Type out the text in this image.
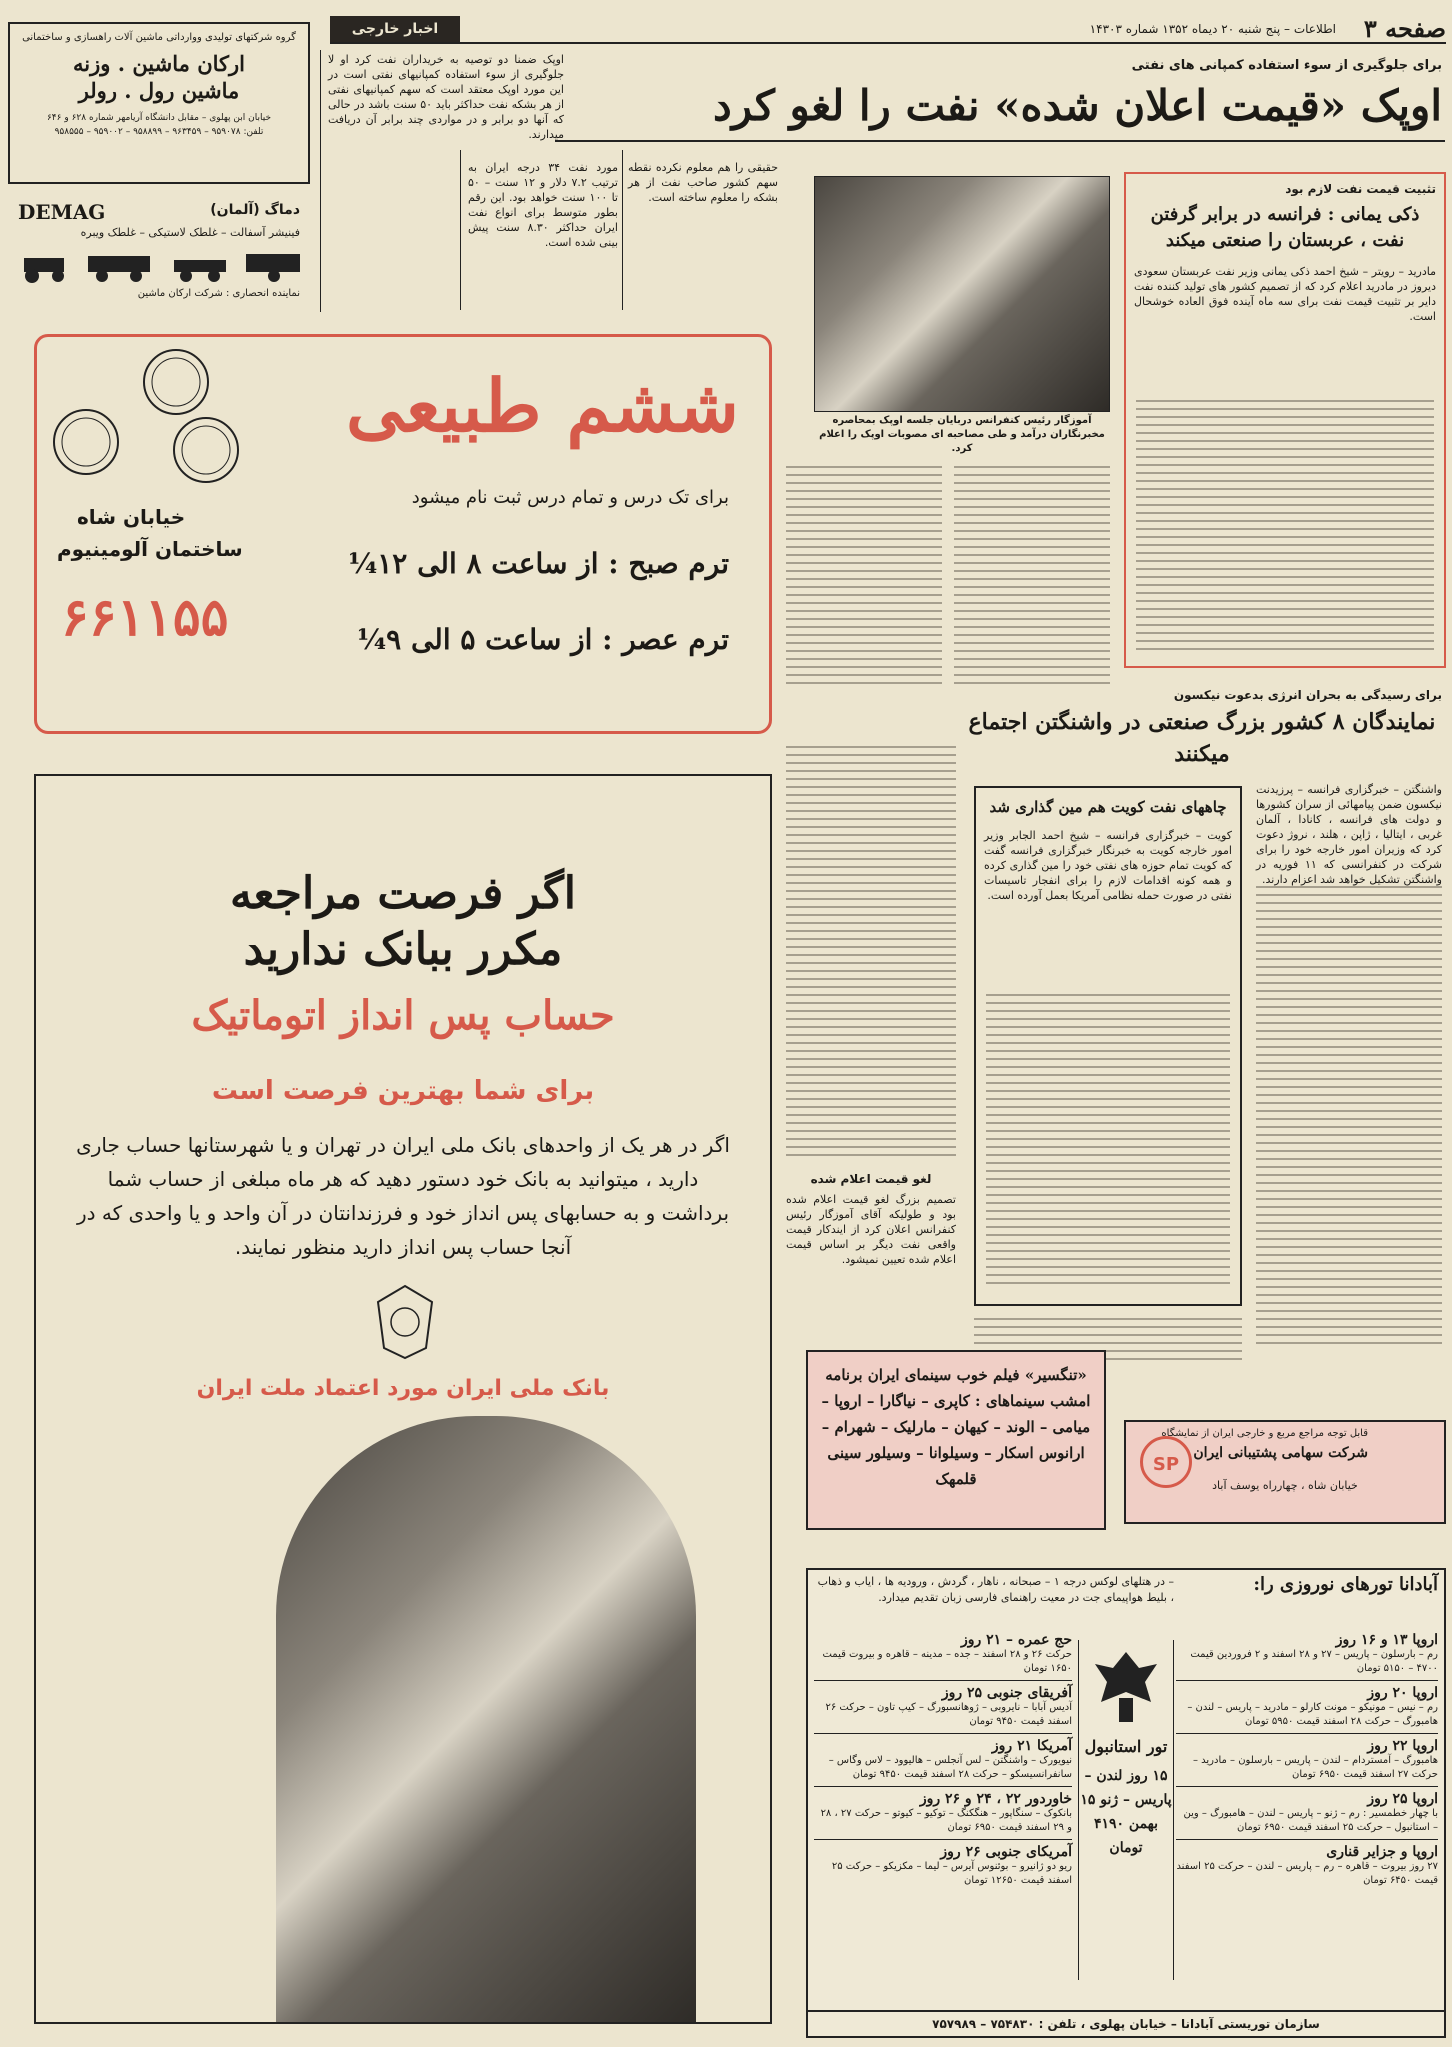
صفحه ۳
اطلاعات – پنج شنبه ۲۰ دیماه ۱۳۵۲ شماره ۱۴۳۰۳
اخبار خارجی
گروه شرکتهای تولیدی ووارداتی ماشین آلات راهسازی و ساختمانی
ارکان ماشین . وزنه
ماشین رول . رولر
خیابان ابن پهلوی – مقابل دانشگاه آریامهر شماره ۶۲۸ و ۶۴۶
تلفن: ۹۵۹۰۷۸ – ۹۶۳۴۵۹ – ۹۵۸۸۹۹ – ۹۵۹۰۰۲ – ۹۵۸۵۵۵
DEMAG	دماگ (آلمان)
فینیشر آسفالت – غلطک لاستیکی – غلطک ویبره
نماینده انحصاری : شرکت ارکان ماشین
برای جلوگیری از سوء استفاده کمپانی های نفتی
اوپک «قیمت اعلان شده» نفت را لغو کرد
اوپک ضمنا دو توصیه به خریداران نفت کرد او لا جلوگیری از سوء استفاده کمپانیهای نفتی است در این مورد اوپک معتقد است که سهم کمپانیهای نفتی از هر بشکه نفت حداکثر باید ۵۰ سنت باشد در حالی که آنها دو برابر و در مواردی چند برابر آن دریافت میدارند.
مورد نفت ۳۴ درجه ایران به ترتیب ۷.۲ دلار و ۱۲ سنت – ۵۰ تا ۱۰۰ سنت خواهد بود. این رقم بطور متوسط برای انواع نفت ایران حداکثر ۸.۳۰ سنت پیش بینی شده است.
حقیقی را هم معلوم نکرده نقطه سهم کشور صاحب نفت از هر بشکه را معلوم ساخته است.
آموزگار رئیس کنفرانس دربایان جلسه اوپک بمحاصره مخبرنگاران درآمد و طی مصاحبه ای مصوبات اوپک را اعلام کرد.
تثبیت قیمت نفت لازم بود
ذکی یمانی : فرانسه در برابر گرفتن نفت ، عربستان را صنعتی میکند
مادرید – رویتر – شیخ احمد ذکی یمانی وزیر نفت عربستان سعودی دیروز در مادرید اعلام کرد که از تصمیم کشور های تولید کننده نفت دایر بر تثبیت قیمت نفت برای سه ماه آینده فوق العاده خوشحال است.
ششم طبیعی
برای تک درس و تمام درس ثبت نام میشود
ترم صبح : از ساعت ۸ الی ۱۲¼
ترم عصر : از ساعت ۵ الی ۹¼
خیابان شاه
ساختمان آلومینیوم
۶۶۱۱۵۵
برای رسیدگی به بحران انرژی بدعوت نیکسون
نمایندگان ۸ کشور بزرگ صنعتی در واشنگتن اجتماع میکنند
واشنگتن – خبرگزاری فرانسه – پرزیدنت نیکسون ضمن پیامهائی از سران کشورها و دولت های فرانسه ، کانادا ، آلمان غربی ، ایتالیا ، ژاپن ، هلند ، نروژ دعوت کرد که وزیران امور خارجه خود را برای شرکت در کنفرانسی که ۱۱ فوریه در واشنگتن تشکیل خواهد شد اعزام دارند.
چاههای نفت کویت هم مین گذاری شد
کویت – خبرگزاری فرانسه – شیخ احمد الجابر وزیر امور خارجه کویت به خبرنگار خبرگزاری فرانسه گفت که کویت تمام حوزه های نفتی خود را مین گذاری کرده و همه کونه اقدامات لازم را برای انفجار تاسیسات نفتی در صورت حمله نظامی آمریکا بعمل آورده است.
لغو قیمت اعلام شده
تصمیم بزرگ لغو قیمت اعلام شده بود و طولیکه آقای آموزگار رئیس کنفرانس اعلان کرد از ایندکار قیمت واقعی نفت دیگر بر اساس قیمت اعلام شده تعیین نمیشود.
اگر فرصت مراجعه
مکرر ببانک ندارید
حساب پس انداز اتوماتیک
برای شما بهترین فرصت است
اگر در هر یک از واحدهای بانک ملی ایران در تهران و یا شهرستانها حساب جاری دارید ، میتوانید به بانک خود دستور دهید که هر ماه مبلغی از حساب شما برداشت و به حسابهای پس انداز خود و فرزندانتان در آن واحد و یا واحدی که در آنجا حساب پس انداز دارید منظور نمایند.
بانک ملی ایران مورد اعتماد ملت ایران
«تنگسیر» فیلم خوب سینمای ایران برنامه امشب سینماهای : کاپری – نیاگارا – اروپا – میامی – الوند – کیهان – مارلیک – شهرام – ارانوس اسکار – وسیلوانا – وسیلور سینی قلمهک
قابل توجه مراجع مربع و خارجی ایران از نمایشگاه
شرکت سهامی پشتیبانی ایران
خیابان شاه ، چهارراه یوسف آباد
SP
آبادانا تورهای نوروزی را:
– در هتلهای لوکس درجه ۱ – صبحانه ، ناهار ، گردش ، ورودیه ها ، ایاب و ذهاب ، بلیط هواپیمای جت در معیت راهنمای فارسی زبان تقدیم میدارد.
اروپا ۱۳ و ۱۶ روز
رم – بارسلون – پاریس – ۲۷ و ۲۸ اسفند و ۲ فروردین قیمت ۴۷۰۰ – ۵۱۵۰ تومان
اروپا ۲۰ روز
رم – نیس – مونیکو – مونت کارلو – مادرید – پاریس – لندن – هامبورگ – حرکت ۲۸ اسفند قیمت ۵۹۵۰ تومان
اروپا ۲۲ روز
هامبورگ – آمستردام – لندن – پاریس – بارسلون – مادرید – حرکت ۲۷ اسفند قیمت ۶۹۵۰ تومان
اروپا ۲۵ روز
با چهار خطمسیر : رم – ژنو – پاریس – لندن – هامبورگ – وین – استانبول – حرکت ۲۵ اسفند قیمت ۶۹۵۰ تومان
اروپا و جزایر قناری
۲۷ روز بیروت – قاهره – رم – پاریس – لندن – حرکت ۲۵ اسفند قیمت ۶۴۵۰ تومان
تور استانبول
۱۵ روز لندن – پاریس – ژنو ۱۵ بهمن ۴۱۹۰ تومان
حج عمره – ۲۱ روز
حرکت ۲۶ و ۲۸ اسفند – جده – مدینه – قاهره و بیروت قیمت ۱۶۵۰ تومان
آفریقای جنوبی ۲۵ روز
آدیس آبابا – نایروبی – ژوهانسبورگ – کیپ تاون – حرکت ۲۶ اسفند قیمت ۹۴۵۰ تومان
آمریکا ۲۱ روز
نیویورک – واشنگتن – لس آنجلس – هالیوود – لاس وگاس – سانفرانسیسکو – حرکت ۲۸ اسفند قیمت ۹۴۵۰ تومان
خاوردور ۲۲ ، ۲۴ و ۲۶ روز
بانکوک – سنگاپور – هنگکنگ – توکیو – کیوتو – حرکت ۲۷ ، ۲۸ و ۲۹ اسفند قیمت ۶۹۵۰ تومان
آمریکای جنوبی ۲۶ روز
ریو دو ژانیرو – بوئنوس آیرس – لیما – مکزیکو – حرکت ۲۵ اسفند قیمت ۱۲۶۵۰ تومان
سازمان توریستی آبادانا – خیابان پهلوی ، تلفن : ۷۵۴۸۳۰ – ۷۵۷۹۸۹
